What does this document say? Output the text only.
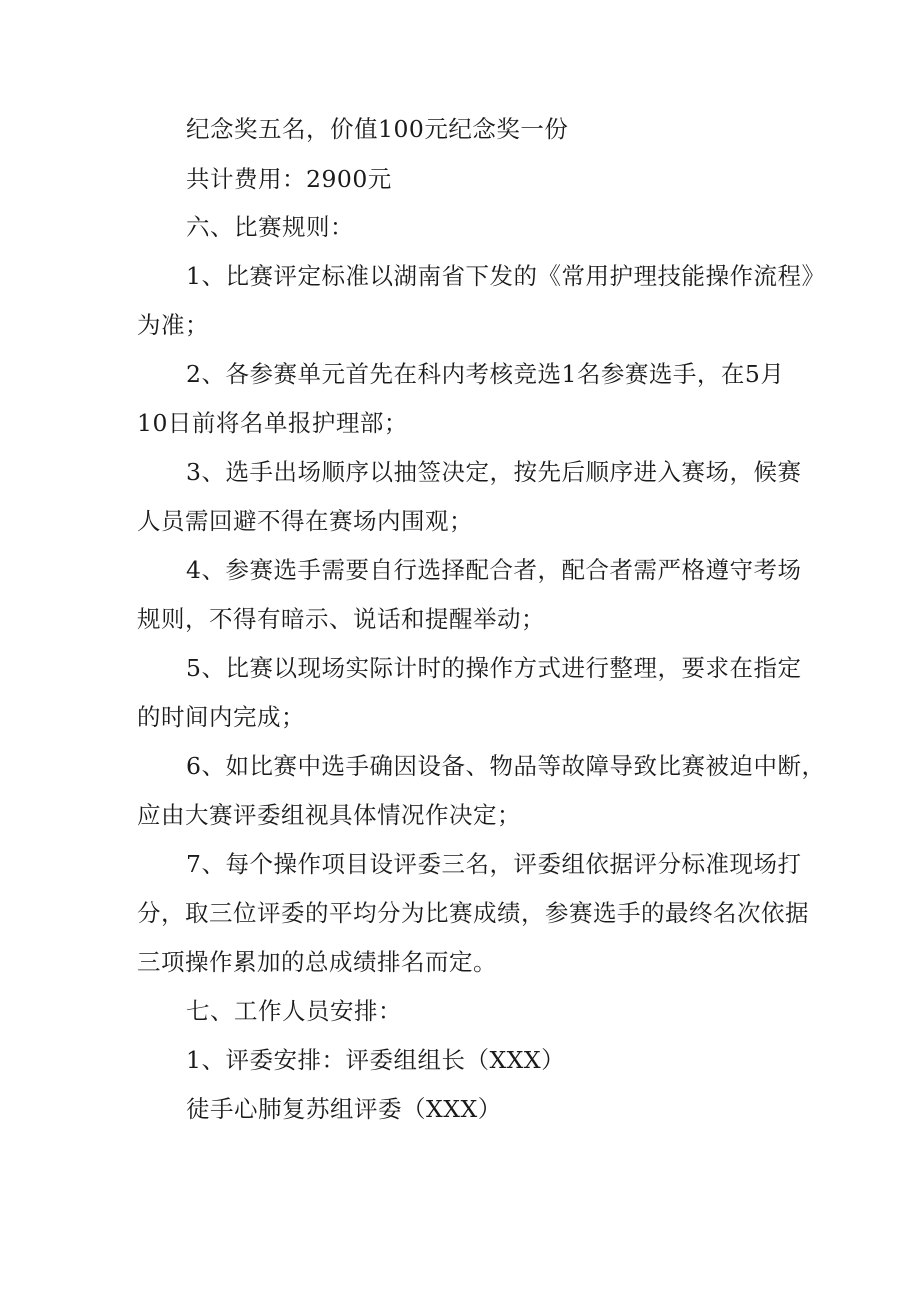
纪念奖五名，价值100元纪念奖一份
共计费用：2900元
六、比赛规则：
1、比赛评定标准以湖南省下发的《常用护理技能操作流程》
为准；
2、各参赛单元首先在科内考核竞选1名参赛选手，在5月
10日前将名单报护理部；
3、选手出场顺序以抽签决定，按先后顺序进入赛场，候赛
人员需回避不得在赛场内围观；
4、参赛选手需要自行选择配合者，配合者需严格遵守考场
规则，不得有暗示、说话和提醒举动；
5、比赛以现场实际计时的操作方式进行整理，要求在指定
的时间内完成；
6、如比赛中选手确因设备、物品等故障导致比赛被迫中断，
应由大赛评委组视具体情况作决定；
7、每个操作项目设评委三名，评委组依据评分标准现场打
分，取三位评委的平均分为比赛成绩，参赛选手的最终名次依据
三项操作累加的总成绩排名而定。
七、工作人员安排：
1、评委安排：评委组组长（XXX）
徒手心肺复苏组评委（XXX）
